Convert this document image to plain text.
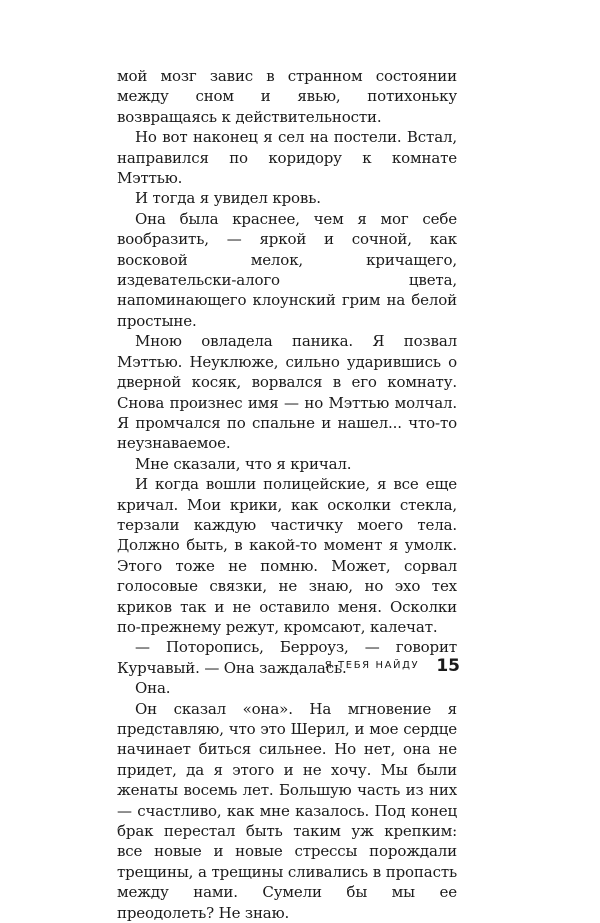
мой мозг завис в странном состоянии между сном и явью, потихоньку возвращаясь к действительности.

Но вот наконец я сел на постели. Встал, направился по коридору к комнате Мэттью.

И тогда я увидел кровь.

Она была краснее, чем я мог себе вообразить, — яркой и сочной, как восковой мелок, кричащего, издевательски-алого цвета, напоминающего клоунский грим на белой простыне.

Мною овладела паника. Я позвал Мэттью. Неуклюже, сильно ударившись о дверной косяк, ворвался в его комнату. Снова произнес имя — но Мэттью молчал. Я промчался по спальне и нашел... что-то неузнаваемое.

Мне сказали, что я кричал.

И когда вошли полицейские, я все еще кричал. Мои крики, как осколки стекла, терзали каждую частичку моего тела. Должно быть, в какой-то момент я умолк. Этого тоже не помню. Может, сорвал голосовые связки, не знаю, но эхо тех криков так и не оставило меня. Осколки по-прежнему режут, кромсают, калечат.

— Поторопись, Берроуз, — говорит Курчавый. — Она заждалась.

Она.

Он сказал «она». На мгновение я представляю, что это Шерил, и мое сердце начинает биться сильнее. Но нет, она не придет, да я этого и не хочу. Мы были женаты восемь лет. Большую часть из них — счастливо, как мне казалось. Под конец брак перестал быть таким уж крепким: все новые и новые стрессы порождали трещины, а трещины сливались в пропасть между нами. Сумели бы мы ее преодолеть? Не знаю.

Я ТЕБЯ НАЙДУ 15
